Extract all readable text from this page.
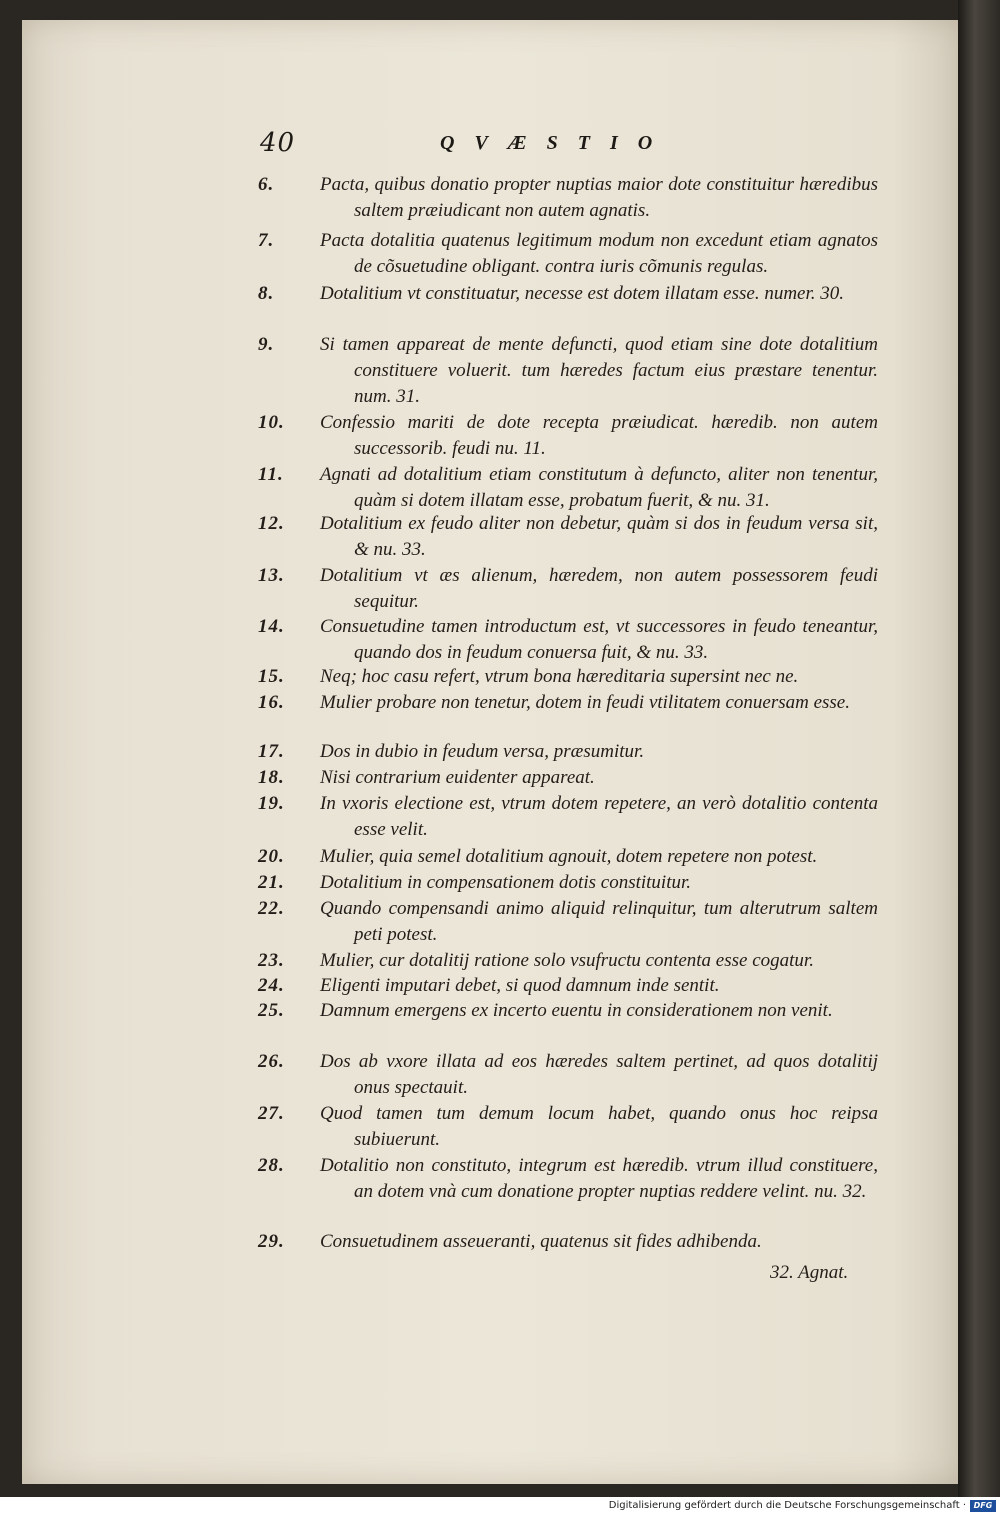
40	QVÆSTIO
6.	Pacta, quibus donatio propter nuptias maior dote constituitur hæredibus saltem præiudicant non autem agnatis.
7.	Pacta dotalitia quatenus legitimum modum non excedunt etiam agnatos de cõsuetudine obligant. contra iuris cõmunis regulas.
8.	Dotalitium vt constituatur, necesse est dotem illatam esse. numer. 30.
9.	Si tamen appareat de mente defuncti, quod etiam sine dote dotalitium constituere voluerit. tum hæredes factum eius præstare tenentur. num. 31.
10.	Confessio mariti de dote recepta præiudicat. hæredib. non autem successorib. feudi nu. 11.
11.	Agnati ad dotalitium etiam constitutum à defuncto, aliter non tenentur, quàm si dotem illatam esse, probatum fuerit, & nu. 31.
12.	Dotalitium ex feudo aliter non debetur, quàm si dos in feudum versa sit, & nu. 33.
13.	Dotalitium vt æs alienum, hæredem, non autem possessorem feudi sequitur.
14.	Consuetudine tamen introductum est, vt successores in feudo teneantur, quando dos in feudum conuersa fuit, & nu. 33.
15.	Neq; hoc casu refert, vtrum bona hæreditaria supersint nec ne.
16.	Mulier probare non tenetur, dotem in feudi vtilitatem conuersam esse.
17.	Dos in dubio in feudum versa, præsumitur.
18.	Nisi contrarium euidenter appareat.
19.	In vxoris electione est, vtrum dotem repetere, an verò dotalitio contenta esse velit.
20.	Mulier, quia semel dotalitium agnouit, dotem repetere non potest.
21.	Dotalitium in compensationem dotis constituitur.
22.	Quando compensandi animo aliquid relinquitur, tum alterutrum saltem peti potest.
23.	Mulier, cur dotalitij ratione solo vsufructu contenta esse cogatur.
24.	Eligenti imputari debet, si quod damnum inde sentit.
25.	Damnum emergens ex incerto euentu in considerationem non venit.
26.	Dos ab vxore illata ad eos hæredes saltem pertinet, ad quos dotalitij onus spectauit.
27.	Quod tamen tum demum locum habet, quando onus hoc reipsa subiuerunt.
28.	Dotalitio non constituto, integrum est hæredib. vtrum illud constituere, an dotem vnà cum donatione propter nuptias reddere velint. nu. 32.
29.	Consuetudinem asseueranti, quatenus sit fides adhibenda.
32. Agnat.
Digitalisierung gefördert durch die Deutsche Forschungsgemeinschaft · DFG
